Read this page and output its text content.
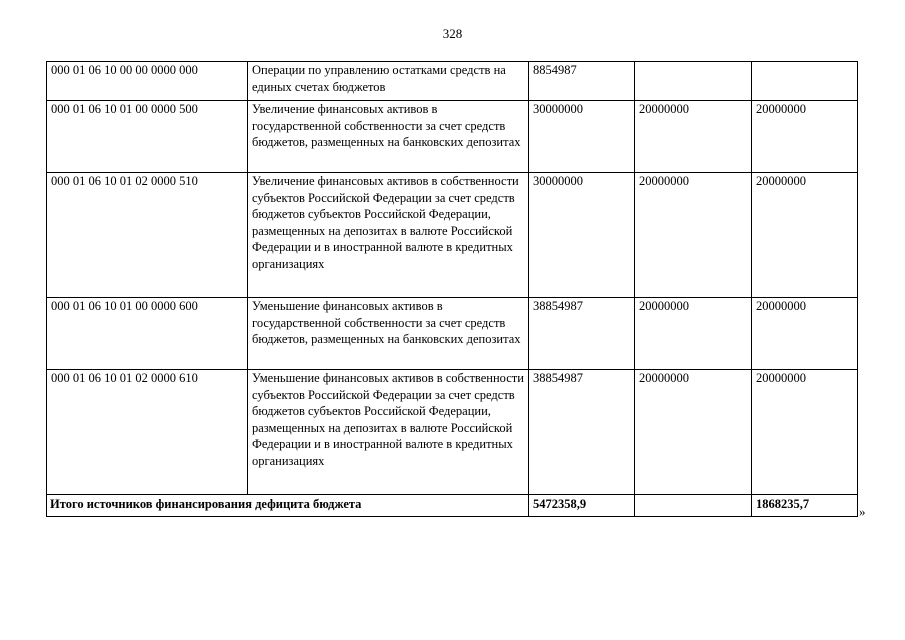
328
000 01 06 10 00 00 0000 000	Операции по управлению остатками средств на единых счетах бюджетов	8854987		
000 01 06 10 01 00 0000 500	Увеличение финансовых активов в государственной собственности за счет средств бюджетов, размещенных на банковских депозитах	30000000	20000000	20000000
000 01 06 10 01 02 0000 510	Увеличение финансовых активов в собственности субъектов Российской Федерации за счет средств бюджетов субъектов Российской Федерации, размещенных на депозитах в валюте Российской Федерации и в иностранной валюте в кредитных организациях	30000000	20000000	20000000
000 01 06 10 01 00 0000 600	Уменьшение финансовых активов в государственной собственности за счет средств бюджетов, размещенных на банковских депозитах	38854987	20000000	20000000
000 01 06 10 01 02 0000 610	Уменьшение финансовых активов в собственности субъектов Российской Федерации за счет средств бюджетов субъектов Российской Федерации, размещенных на депозитах в валюте Российской Федерации и в иностранной валюте в кредитных организациях	38854987	20000000	20000000
Итого источников финансирования дефицита бюджета		5472358,9		1868235,7	»
